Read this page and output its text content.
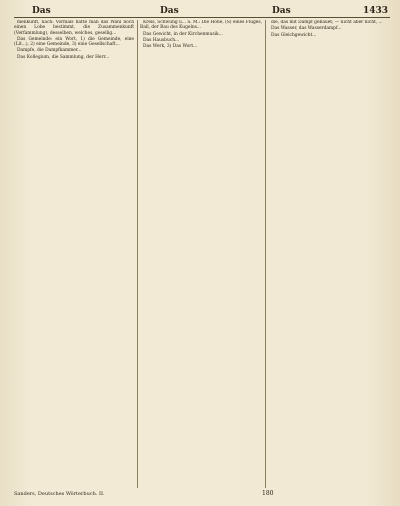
Das	Das	Das	1433

menkunft, nach: Vormals hatte man das Wahl noch einen Lobe bestimmt, die Zusammenkunft (Verfammlung), desselben, welches, gesellig...

Das Gemeinde: ein Wort, 1) die Gemeinde, eine (Lit...), 2) eine Gemeinde, 3) eine Gesellschaft...

Dampfe, die Dampfkammer...

Das Kollegium, die Sammlung, der Herr...

Kreis, Schwung u... S. M.: Die Hohe, (S) eines Fluges, Ball, der Bau des Kugelns...

Das Gewicht, in der Kirchenmusik...

Das Hausbuch...

Das Werk, 3) Das Wort...

die, das mit Dampf gebauet; — nicht aber nicht, ...

Das Wasser, das Wasserdampf...

Das Gleichgewicht...

Sanders, Deutsches Wörterbuch. II.	180
